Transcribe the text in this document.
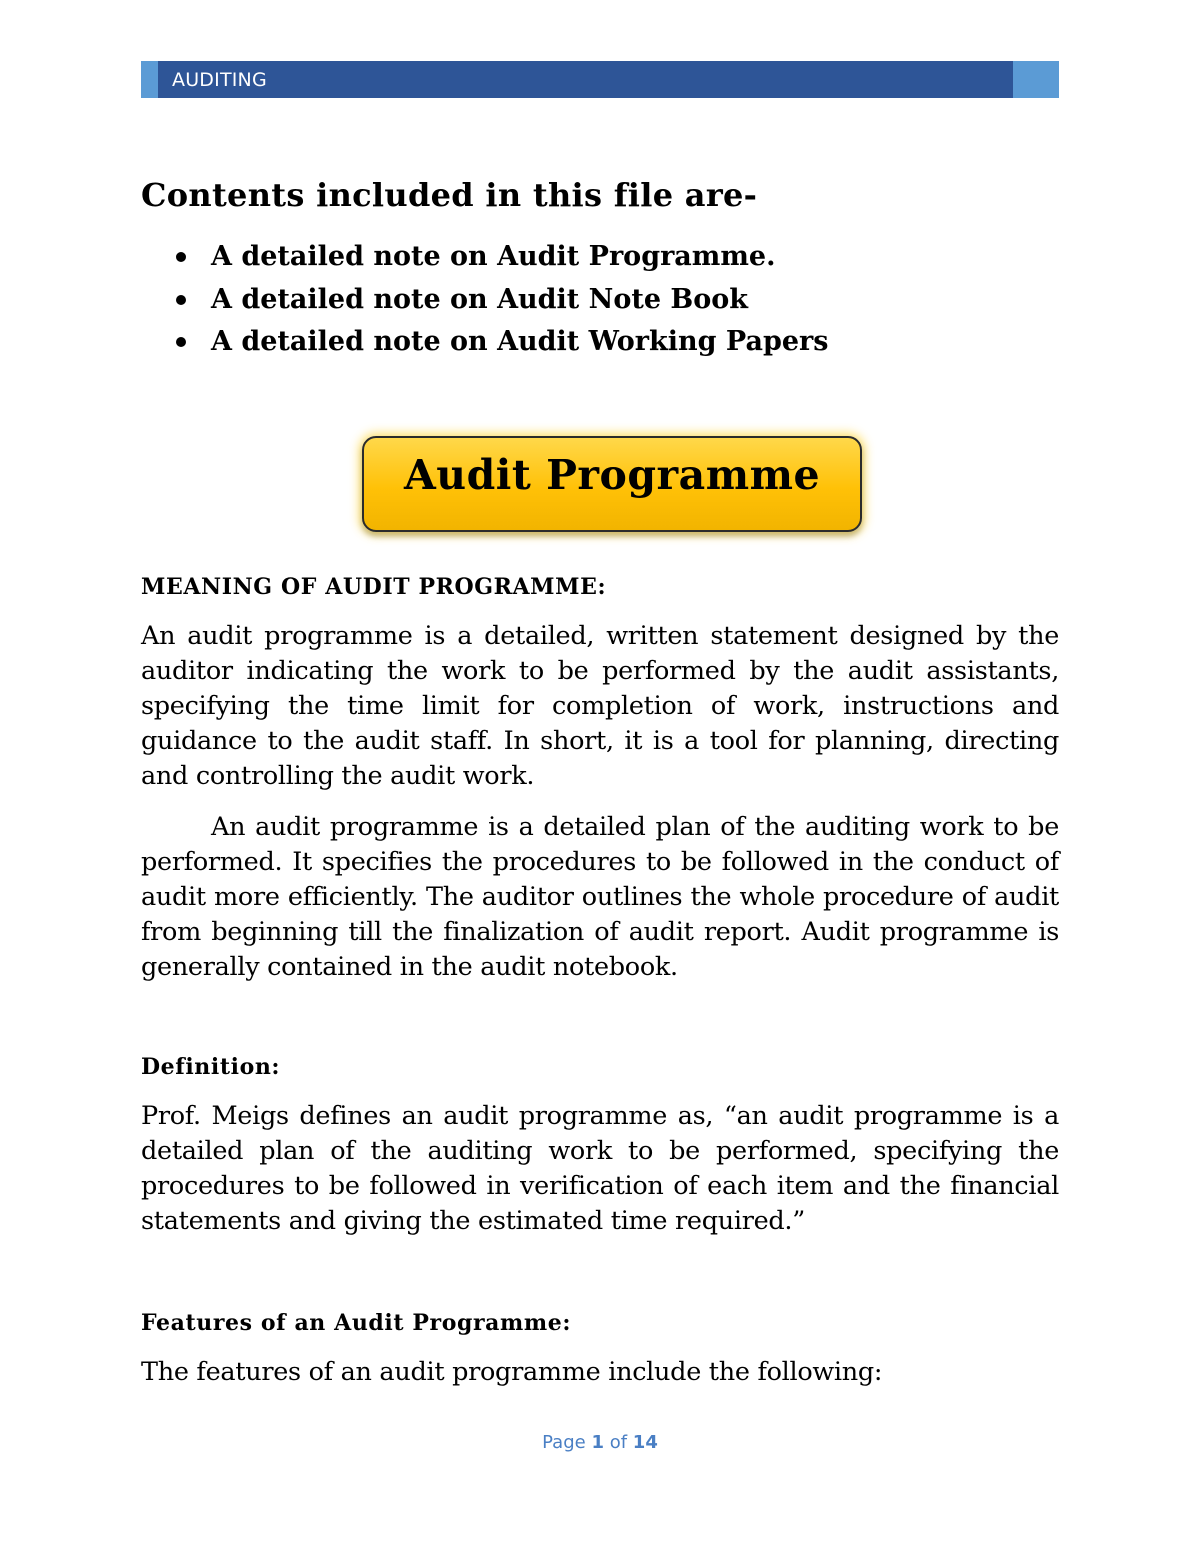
AUDITING
Contents included in this file are-
A detailed note on Audit Programme.
A detailed note on Audit Note Book
A detailed note on Audit Working Papers
Audit Programme
MEANING OF AUDIT PROGRAMME:

An audit programme is a detailed, written statement designed by the auditor indicating the work to be performed by the audit assistants, specifying the time limit for completion of work, instructions and guidance to the audit staff. In short, it is a tool for planning, directing and controlling the audit work.

An audit programme is a detailed plan of the auditing work to be performed. It specifies the procedures to be followed in the conduct of audit more efficiently. The auditor outlines the whole procedure of audit from beginning till the finalization of audit report. Audit programme is generally contained in the audit notebook.

Definition:

Prof. Meigs defines an audit programme as, “an audit programme is a detailed plan of the auditing work to be performed, specifying the procedures to be followed in verification of each item and the financial statements and giving the estimated time required.”

Features of an Audit Programme:

The features of an audit programme include the following:

Page 1 of 14
